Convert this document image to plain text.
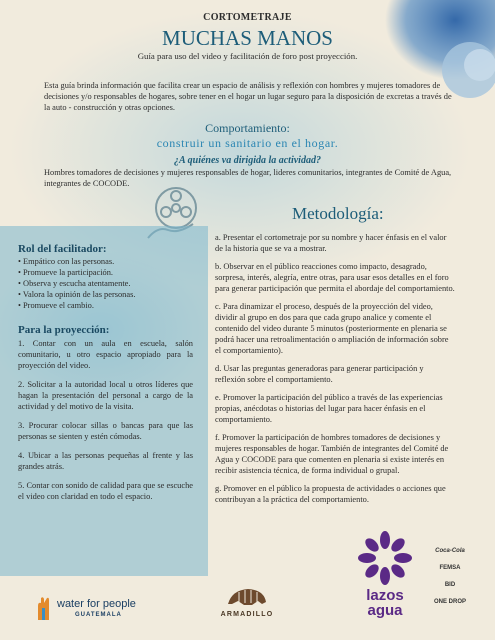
CORTOMETRAJE
MUCHAS MANOS
Guía para uso del video y facilitación de foro post proyección.
Esta guía brinda información que facilita crear un espacio de análisis y reflexión con hombres y mujeres tomadores de decisiones y/o responsables de hogares, sobre tener en el hogar un lugar seguro para la disposición de excretas a través de la auto - construcción y otras opciones.
Comportamiento:
construir un sanitario en el hogar.
¿A quiénes va dirigida la actividad?
Hombres tomadores de decisiones y mujeres responsables de hogar, lideres comunitarios, integrantes de Comité de Agua, integrantes de COCODE.
Rol del facilitador:
• Empático con las personas.
• Promueve la participación.
• Observa y escucha atentamente.
• Valora la opinión de las personas.
• Promueve el cambio.
Para la proyección:

1. Contar con un aula en escuela, salón comunitario, u otro espacio apropiado para la proyección del video.

2. Solicitar a la autoridad local u otros líderes que hagan la presentación del personal a cargo de la actividad y del motivo de la visita.

3. Procurar colocar sillas o bancas para que las personas se sienten y estén cómodas.

4. Ubicar a las personas pequeñas al frente y las grandes atrás.

5. Contar con sonido de calidad para que se escuche el video con claridad en todo el espacio.

Metodología:

a. Presentar el cortometraje por su nombre y hacer énfasis en el valor de la historia que se va a mostrar.

b. Observar en el público reacciones como impacto, desagrado, sorpresa, interés, alegría, entre otras, para usar esos detalles en el foro para generar participación que permita el abordaje del comportamiento.

c. Para dinamizar el proceso, después de la proyección del video, dividir al grupo en dos para que cada grupo analice y comente el contenido del video durante 5 minutos (posteriormente en plenaria se podrá hacer una retroalimentación o ampliación de información sobre el comportamiento).

d. Usar las preguntas generadoras para generar participación y reflexión sobre el comportamiento.

e. Promover la participación del público a través de las experiencias propias, anécdotas o historias del lugar para hacer énfasis en el comportamiento.

f. Promover la participación de hombres tomadores de decisiones y mujeres responsables de hogar. También de integrantes del Comité de Agua y COCODE para que comenten en plenaria si existe interés en recibir asistencia técnica, de forma individual o grupal.

g. Promover en el público la propuesta de actividades o acciones que contribuyan a la práctica del comportamiento.

water for people
GUATEMALA	ARMADILLO
lazos
agua
Coca-Cola
FEMSA
BID
ONE DROP
